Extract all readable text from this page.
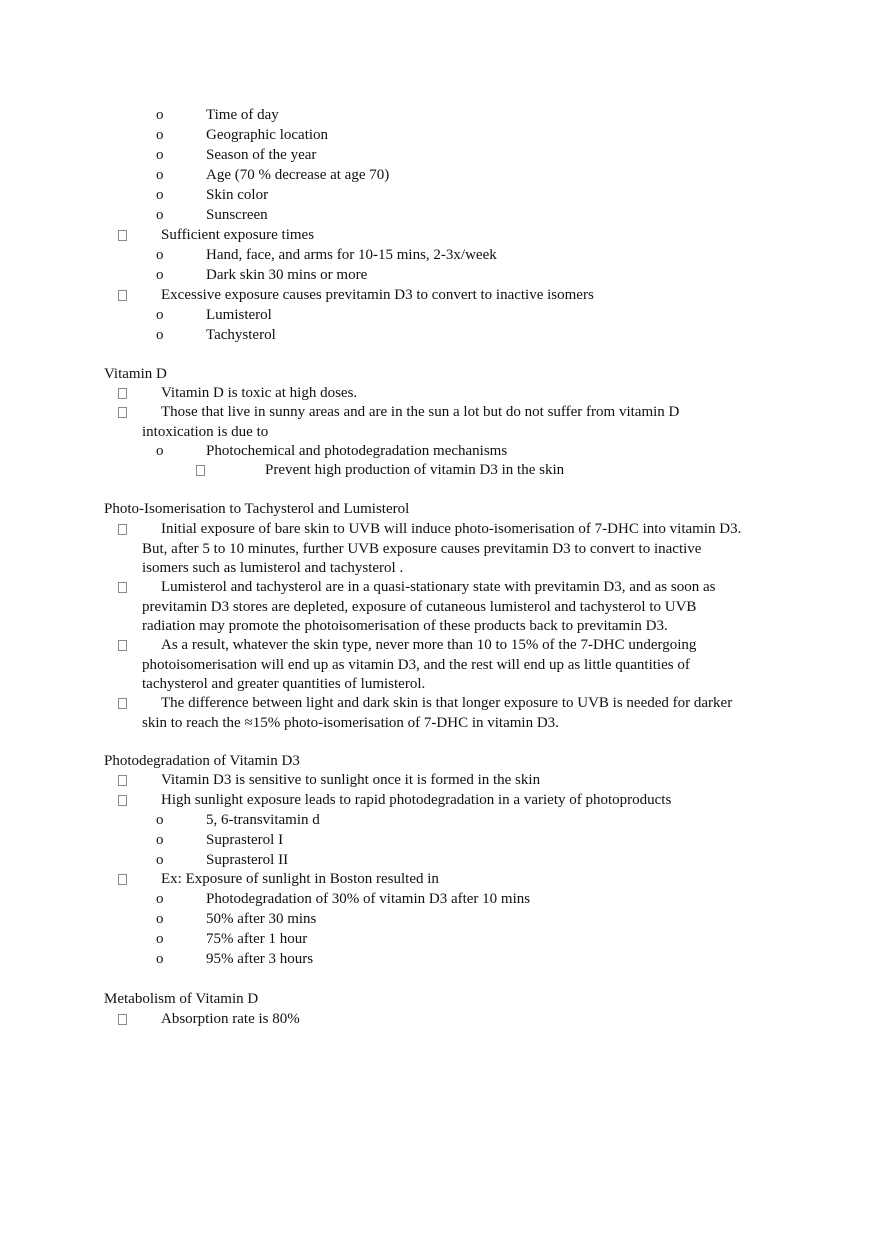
o	Time of day
o	Geographic location
o	Season of the year
o	Age (70 % decrease at age 70)
o	Skin color
o	Sunscreen
Sufficient exposure times
o	Hand, face, and arms for 10-15 mins, 2-3x/week
o	Dark skin 30 mins or more
Excessive exposure causes previtamin D3 to convert to inactive isomers
o	Lumisterol
o	Tachysterol
Vitamin D
Vitamin D is toxic at high doses.
Those that live in sunny areas and are in the sun a lot but do not suffer from vitamin D
intoxication is due to
o	Photochemical and photodegradation mechanisms
Prevent high production of vitamin D3 in the skin
Photo-Isomerisation to Tachysterol and Lumisterol
Initial exposure of bare skin to UVB will induce photo-isomerisation of 7-DHC into vitamin D3.
But, after 5 to 10 minutes, further UVB exposure causes previtamin D3 to convert to inactive
isomers such as lumisterol and tachysterol .
Lumisterol and tachysterol are in a quasi-stationary state with previtamin D3, and as soon as
previtamin D3 stores are depleted, exposure of cutaneous lumisterol and tachysterol to UVB
radiation may promote the photoisomerisation of these products back to previtamin D3.
As a result, whatever the skin type, never more than 10 to 15% of the 7-DHC undergoing
photoisomerisation will end up as vitamin D3, and the rest will end up as little quantities of
tachysterol and greater quantities of lumisterol.
The difference between light and dark skin is that longer exposure to UVB is needed for darker
skin to reach the ≈15% photo-isomerisation of 7-DHC in vitamin D3.
Photodegradation of Vitamin D3
Vitamin D3 is sensitive to sunlight once it is formed in the skin
High sunlight exposure leads to rapid photodegradation in a variety of photoproducts
o	5, 6-transvitamin d
o	Suprasterol I
o	Suprasterol II
Ex: Exposure of sunlight in Boston resulted in
o	Photodegradation of 30% of vitamin D3 after 10 mins
o	50% after 30 mins
o	75% after 1 hour
o	95% after 3 hours
Metabolism of Vitamin D
Absorption rate is 80%
